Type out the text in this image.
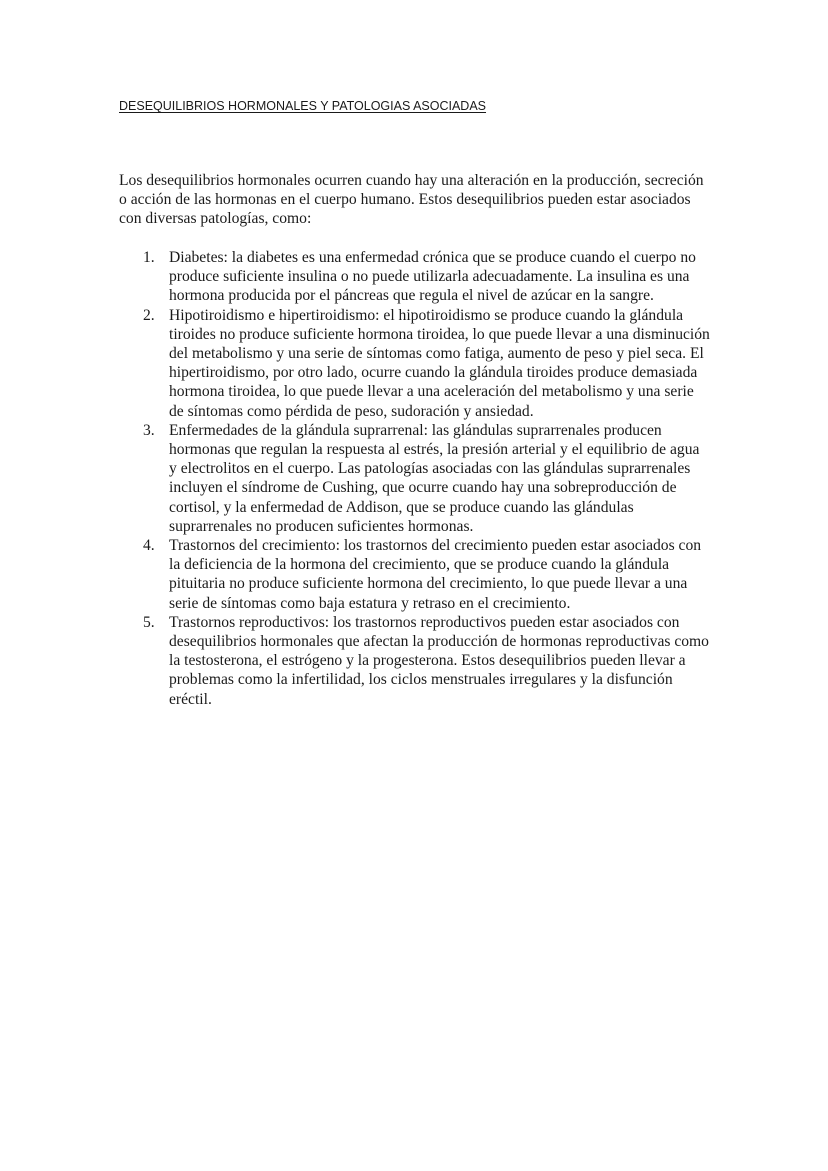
DESEQUILIBRIOS HORMONALES Y PATOLOGIAS ASOCIADAS

Los desequilibrios hormonales ocurren cuando hay una alteración en la producción, secreción o acción de las hormonas en el cuerpo humano. Estos desequilibrios pueden estar asociados con diversas patologías, como:

1. Diabetes: la diabetes es una enfermedad crónica que se produce cuando el cuerpo no produce suficiente insulina o no puede utilizarla adecuadamente. La insulina es una hormona producida por el páncreas que regula el nivel de azúcar en la sangre.
2. Hipotiroidismo e hipertiroidismo: el hipotiroidismo se produce cuando la glándula tiroides no produce suficiente hormona tiroidea, lo que puede llevar a una disminución del metabolismo y una serie de síntomas como fatiga, aumento de peso y piel seca. El hipertiroidismo, por otro lado, ocurre cuando la glándula tiroides produce demasiada hormona tiroidea, lo que puede llevar a una aceleración del metabolismo y una serie de síntomas como pérdida de peso, sudoración y ansiedad.
3. Enfermedades de la glándula suprarrenal: las glándulas suprarrenales producen hormonas que regulan la respuesta al estrés, la presión arterial y el equilibrio de agua y electrolitos en el cuerpo. Las patologías asociadas con las glándulas suprarrenales incluyen el síndrome de Cushing, que ocurre cuando hay una sobreproducción de cortisol, y la enfermedad de Addison, que se produce cuando las glándulas suprarrenales no producen suficientes hormonas.
4. Trastornos del crecimiento: los trastornos del crecimiento pueden estar asociados con la deficiencia de la hormona del crecimiento, que se produce cuando la glándula pituitaria no produce suficiente hormona del crecimiento, lo que puede llevar a una serie de síntomas como baja estatura y retraso en el crecimiento.
5. Trastornos reproductivos: los trastornos reproductivos pueden estar asociados con desequilibrios hormonales que afectan la producción de hormonas reproductivas como la testosterona, el estrógeno y la progesterona. Estos desequilibrios pueden llevar a problemas como la infertilidad, los ciclos menstruales irregulares y la disfunción eréctil.
